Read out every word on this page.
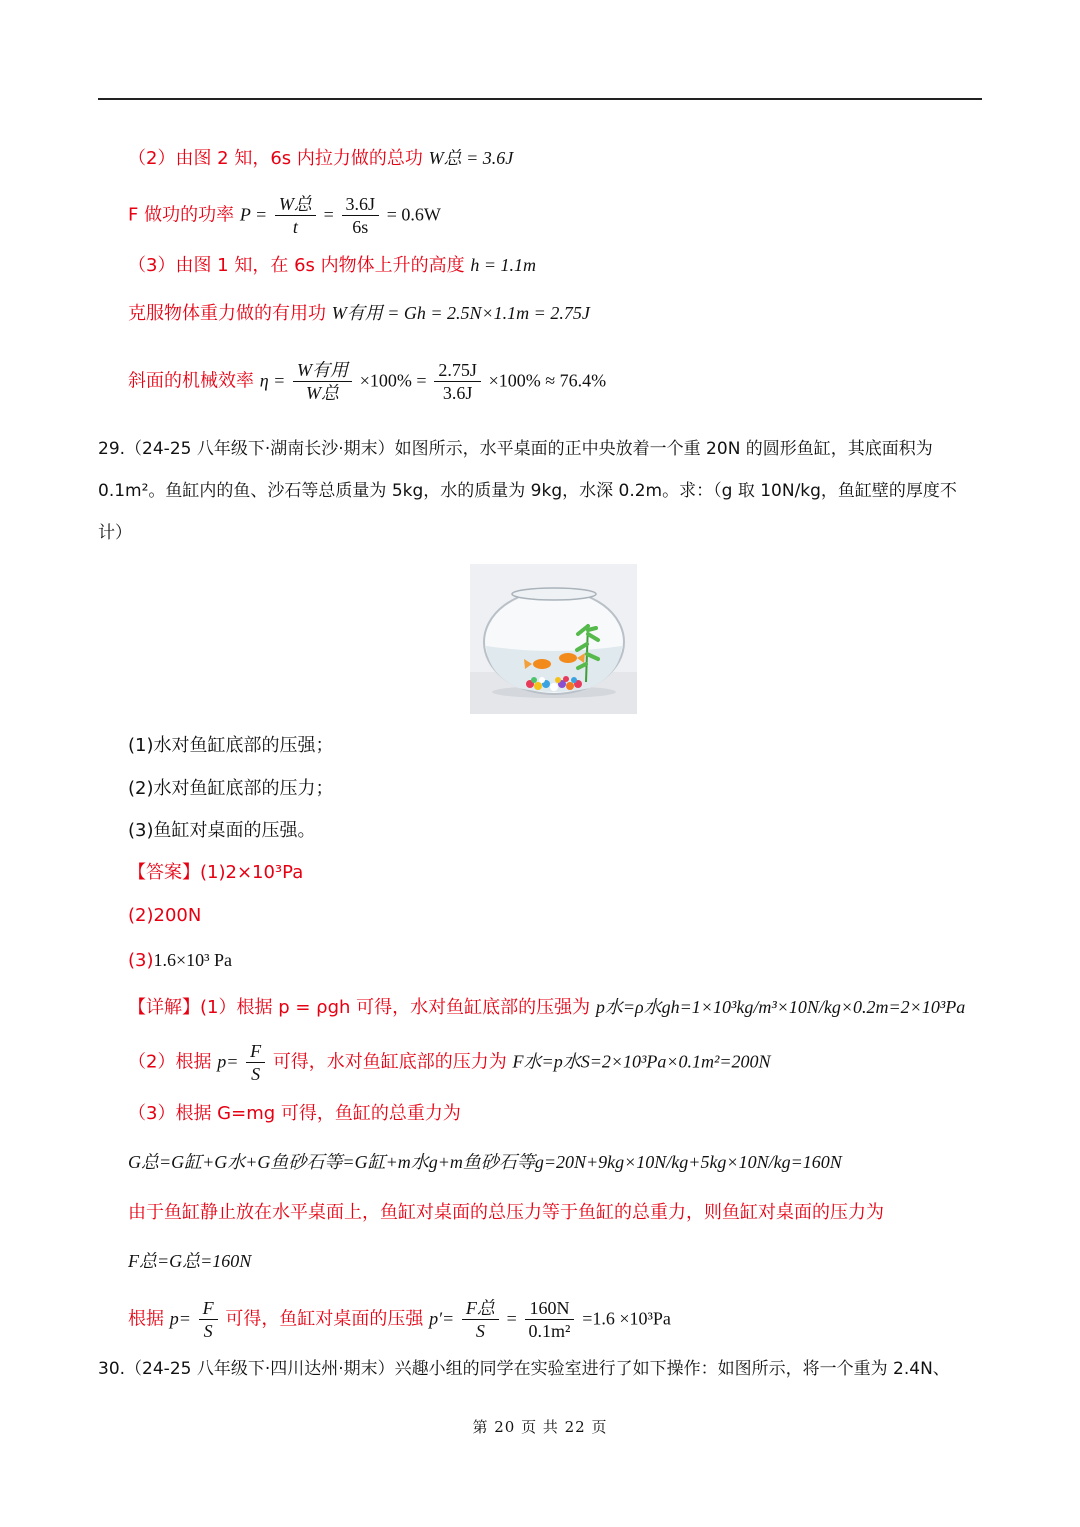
（2）由图 2 知，6s 内拉力做的总功 W总 = 3.6J
F 做功的功率 $P = \frac{\text{W总}}{t} = \frac{3.6J}{6s} = 0.6W$
（3）由图 1 知，在 6s 内物体上升的高度 h = 1.1m
克服物体重力做的有用功 W有用 = Gh = 2.5N×1.1m = 2.75J
斜面的机械效率 $\eta = \frac{\text{W有用}}{\text{W总}} \times 100\% = \frac{2.75J}{3.6J} \times 100\% \approx 76.4\%$
29.（24-25 八年级下·湖南长沙·期末）如图所示，水平桌面的正中央放着一个重 20N 的圆形鱼缸，其底面积为 0.1m²。鱼缸内的鱼、沙石等总质量为 5kg，水的质量为 9kg，水深 0.2m。求：（g 取 10N/kg，鱼缸壁的厚度不计）
(1)水对鱼缸底部的压强；
(2)水对鱼缸底部的压力；
(3)鱼缸对桌面的压强。
【答案】(1)2×10³Pa
(2)200N
(3)1.6×10³ Pa
【详解】(1）根据 p = ρgh 可得，水对鱼缸底部的压强为 p水=ρ水gh=1×10³kg/m³×10N/kg×0.2m=2×10³Pa
（2）根据 $p= \frac{F}{S}$ 可得，水对鱼缸底部的压力为 F水=p水S=2×10³Pa×0.1m²=200N
（3）根据 G=mg 可得，鱼缸的总重力为
G总=G缸+G水+G鱼砂石等=G缸+m水g+m鱼砂石等g=20N+9kg×10N/kg+5kg×10N/kg=160N
由于鱼缸静止放在水平桌面上，鱼缸对桌面的总压力等于鱼缸的总重力，则鱼缸对桌面的压力为
F总=G总=160N
根据 $p= \frac{F}{S}$ 可得，鱼缸对桌面的压强 $p'= \frac{\text{F总}}{S} = \frac{160N}{\text{0.1m²}} =1.6 \times 10^3Pa$
30.（24-25 八年级下·四川达州·期末）兴趣小组的同学在实验室进行了如下操作：如图所示，将一个重为 2.4N、
第 20 页 共 22 页
